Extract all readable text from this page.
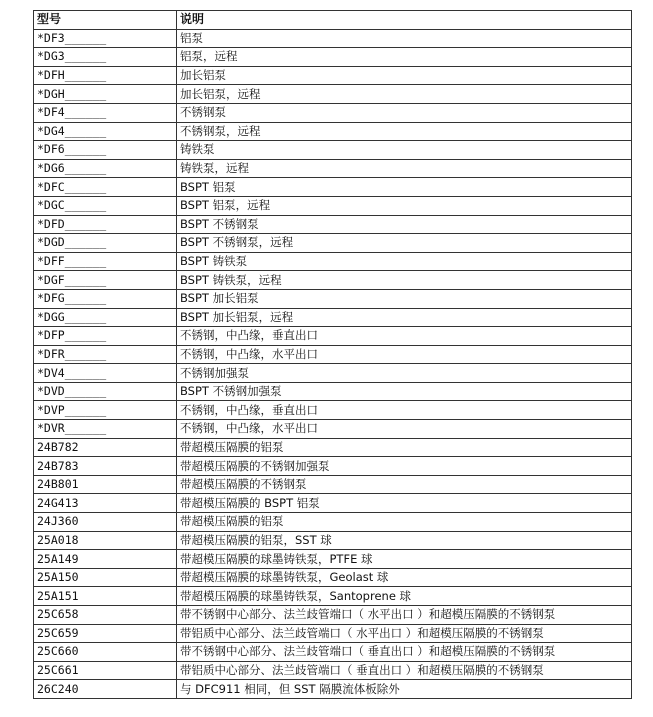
型号	说明
*DF3______	铝泵
*DG3______	铝泵，远程
*DFH______	加长铝泵
*DGH______	加长铝泵，远程
*DF4______	不锈钢泵
*DG4______	不锈钢泵，远程
*DF6______	铸铁泵
*DG6______	铸铁泵，远程
*DFC______	BSPT 铝泵
*DGC______	BSPT 铝泵，远程
*DFD______	BSPT 不锈钢泵
*DGD______	BSPT 不锈钢泵，远程
*DFF______	BSPT 铸铁泵
*DGF______	BSPT 铸铁泵，远程
*DFG______	BSPT 加长铝泵
*DGG______	BSPT 加长铝泵，远程
*DFP______	不锈钢，中凸缘，垂直出口
*DFR______	不锈钢，中凸缘，水平出口
*DV4______	不锈钢加强泵
*DVD______	BSPT 不锈钢加强泵
*DVP______	不锈钢，中凸缘，垂直出口
*DVR______	不锈钢，中凸缘，水平出口
24B782	带超模压隔膜的铝泵
24B783	带超模压隔膜的不锈钢加强泵
24B801	带超模压隔膜的不锈钢泵
24G413	带超模压隔膜的 BSPT 铝泵
24J360	带超模压隔膜的铝泵
25A018	带超模压隔膜的铝泵，SST 球
25A149	带超模压隔膜的球墨铸铁泵，PTFE 球
25A150	带超模压隔膜的球墨铸铁泵，Geolast 球
25A151	带超模压隔膜的球墨铸铁泵，Santoprene 球
25C658	带不锈钢中心部分、法兰歧管端口（ 水平出口 ）和超模压隔膜的不锈钢泵
25C659	带铝质中心部分、法兰歧管端口（ 水平出口 ）和超模压隔膜的不锈钢泵
25C660	带不锈钢中心部分、法兰歧管端口（ 垂直出口 ）和超模压隔膜的不锈钢泵
25C661	带铝质中心部分、法兰歧管端口（ 垂直出口 ）和超模压隔膜的不锈钢泵
26C240	与 DFC911 相同，但 SST 隔膜流体板除外
